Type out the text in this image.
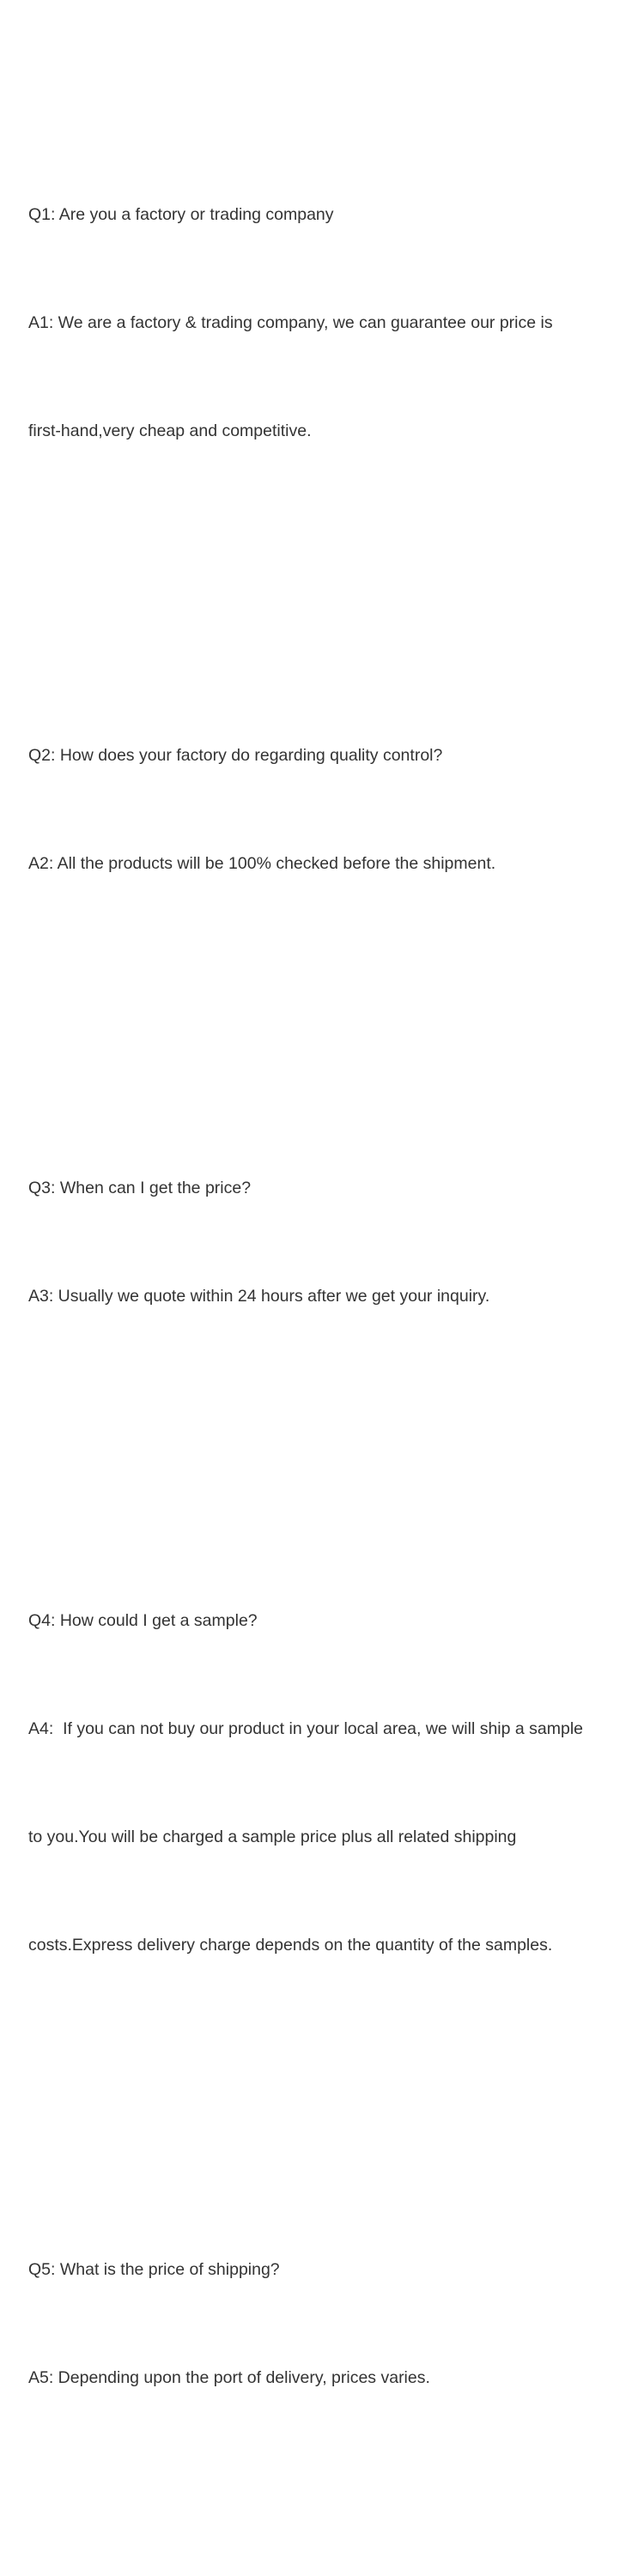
Q1: Are you a factory or trading company

A1: We are a factory & trading company, we can guarantee our price is

first-hand,very cheap and competitive.

Q2: How does your factory do regarding quality control?

A2: All the products will be 100% checked before the shipment.

Q3: When can I get the price?

A3: Usually we quote within 24 hours after we get your inquiry.

Q4: How could I get a sample?

A4:  If you can not buy our product in your local area, we will ship a sample

to you.You will be charged a sample price plus all related shipping

costs.Express delivery charge depends on the quantity of the samples.

Q5: What is the price of shipping?

A5: Depending upon the port of delivery, prices varies.
